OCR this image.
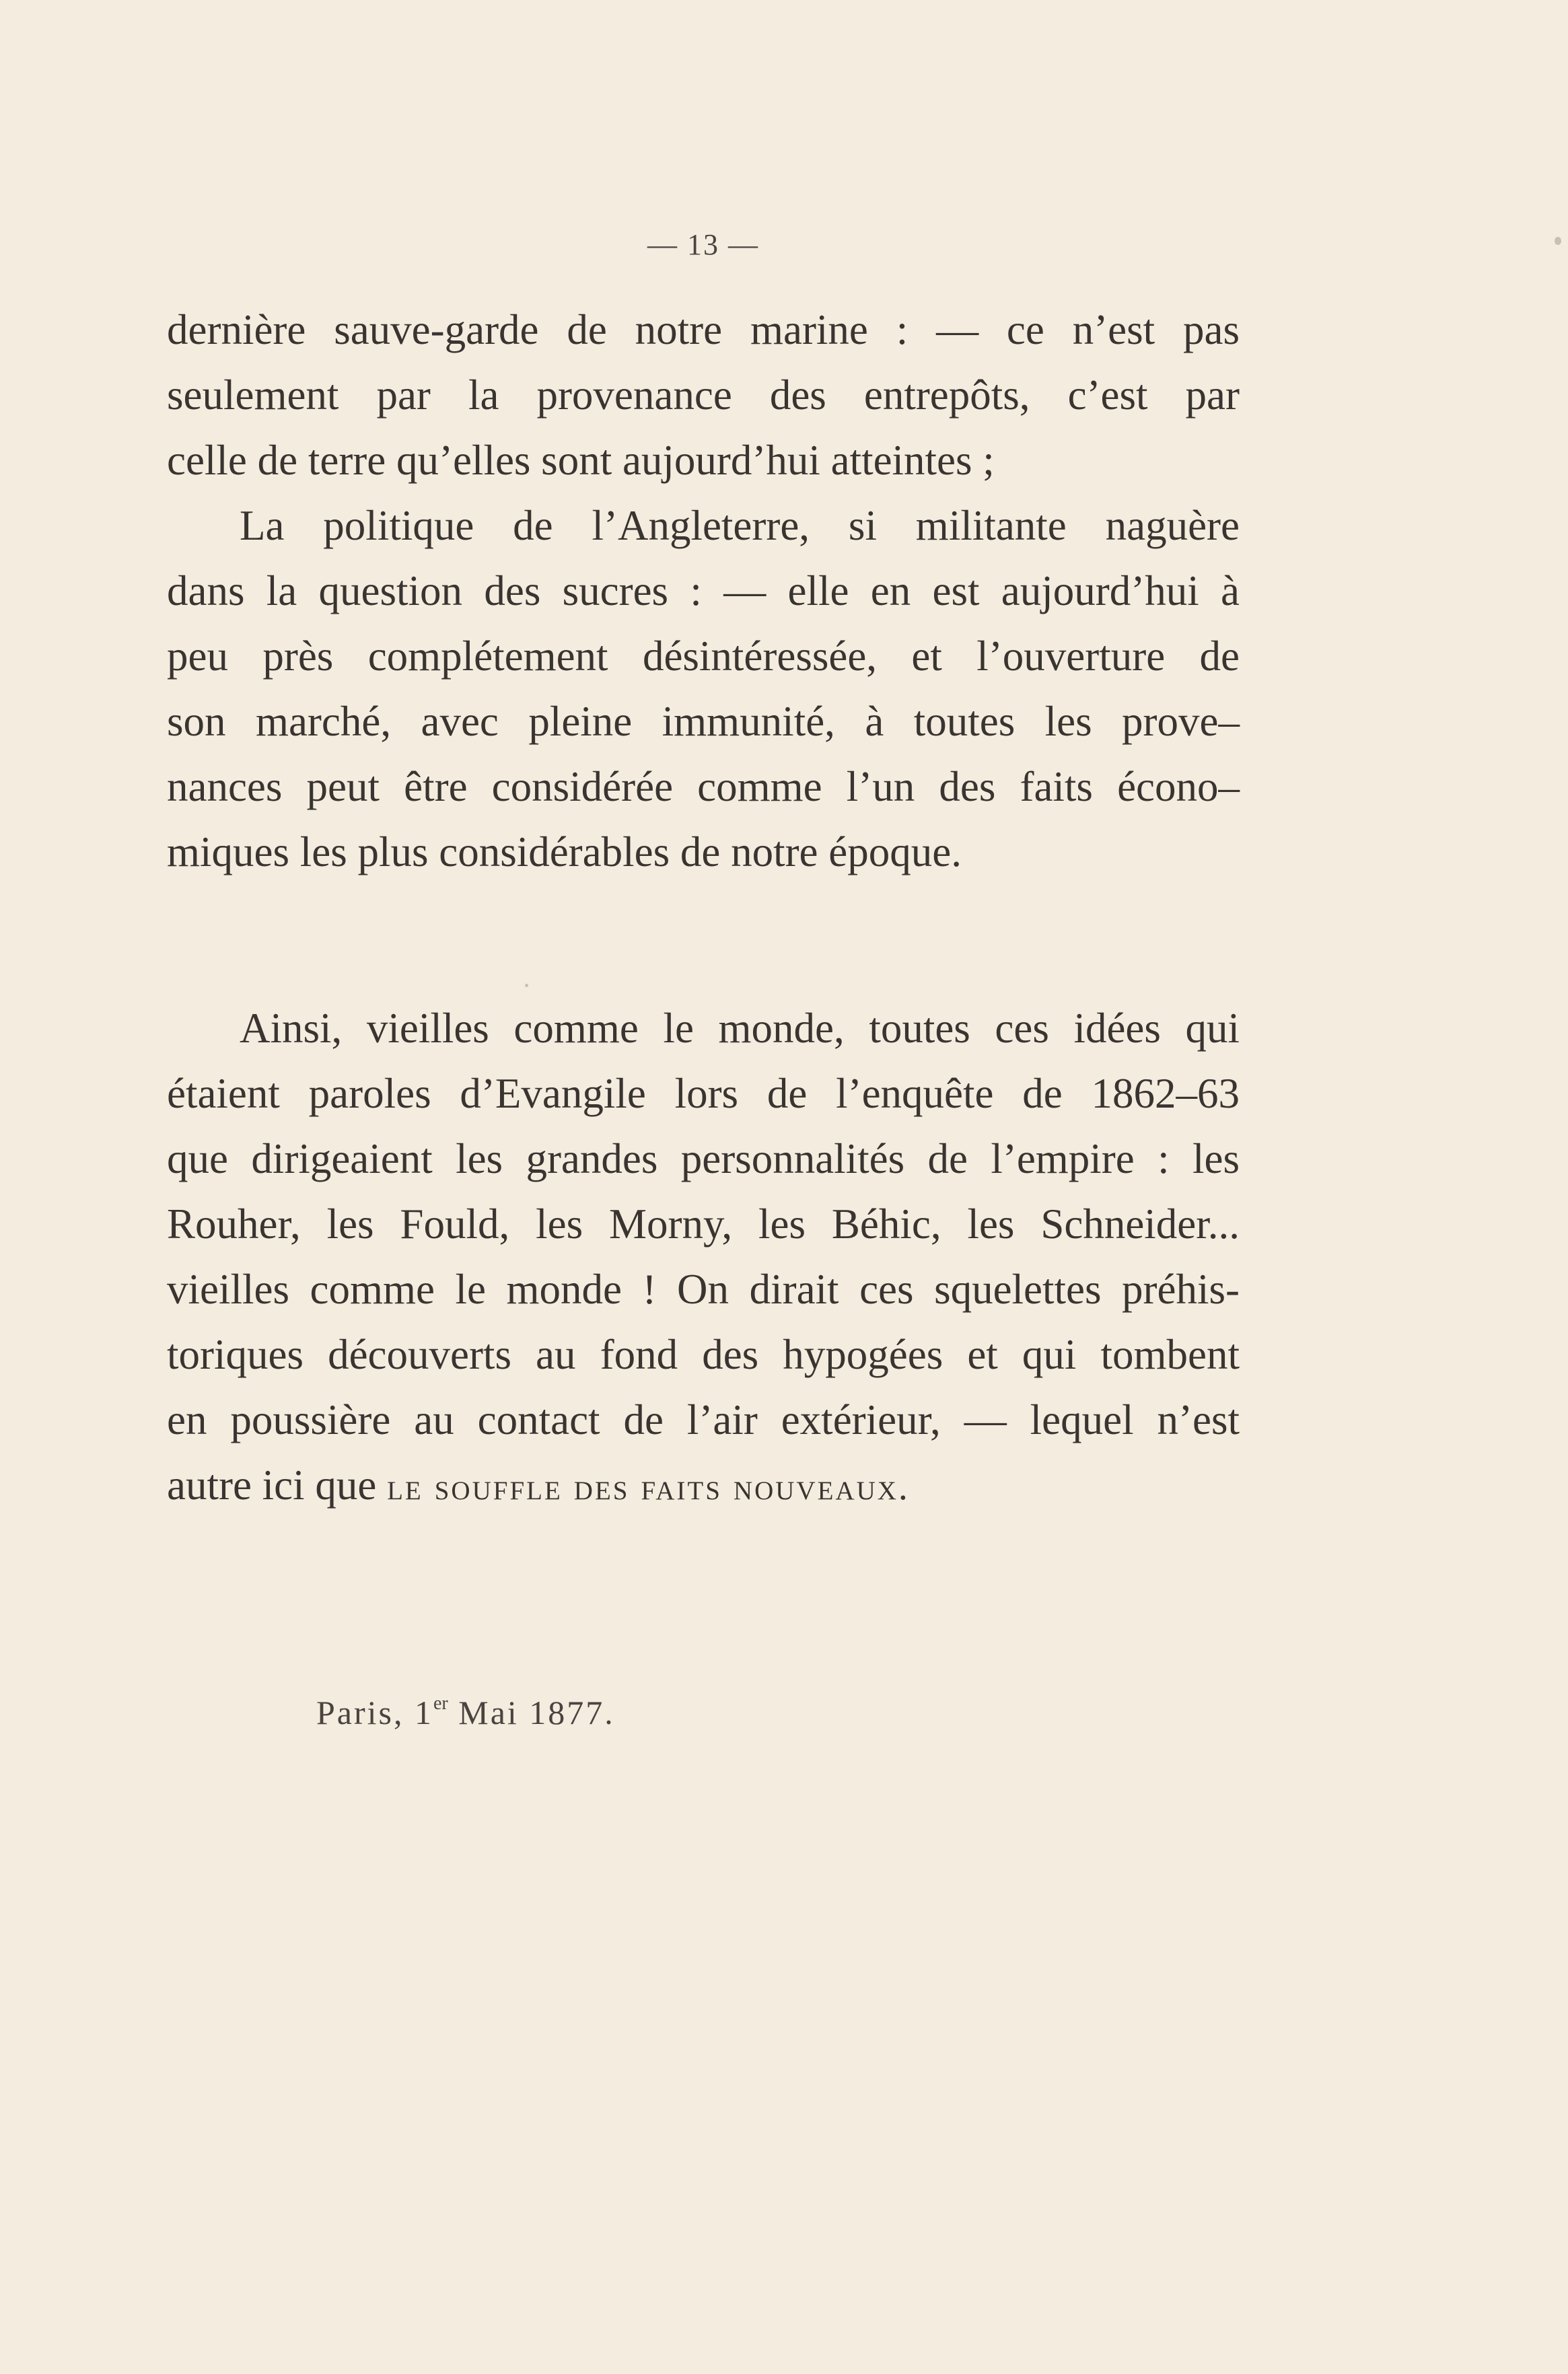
— 13 —
dernière sauve-garde de notre marine : — ce n’est pas
seulement par la provenance des entrepôts, c’est par
celle de terre qu’elles sont aujourd’hui atteintes ;
La politique de l’Angleterre, si militante naguère
dans la question des sucres : — elle en est aujourd’hui à
peu près complétement désintéressée, et l’ouverture de
son marché, avec pleine immunité, à toutes les prove–
nances peut être considérée comme l’un des faits écono–
miques les plus considérables de notre époque.
Ainsi, vieilles comme le monde, toutes ces idées qui
étaient paroles d’Evangile lors de l’enquête de 1862–63
que dirigeaient les grandes personnalités de l’empire : les
Rouher, les Fould, les Morny, les Béhic, les Schneider...
vieilles comme le monde ! On dirait ces squelettes préhis-
toriques découverts au fond des hypogées et qui tombent
en poussière au contact de l’air extérieur, — lequel n’est
autre ici que le souffle des faits nouveaux.
Paris, 1er Mai 1877.
